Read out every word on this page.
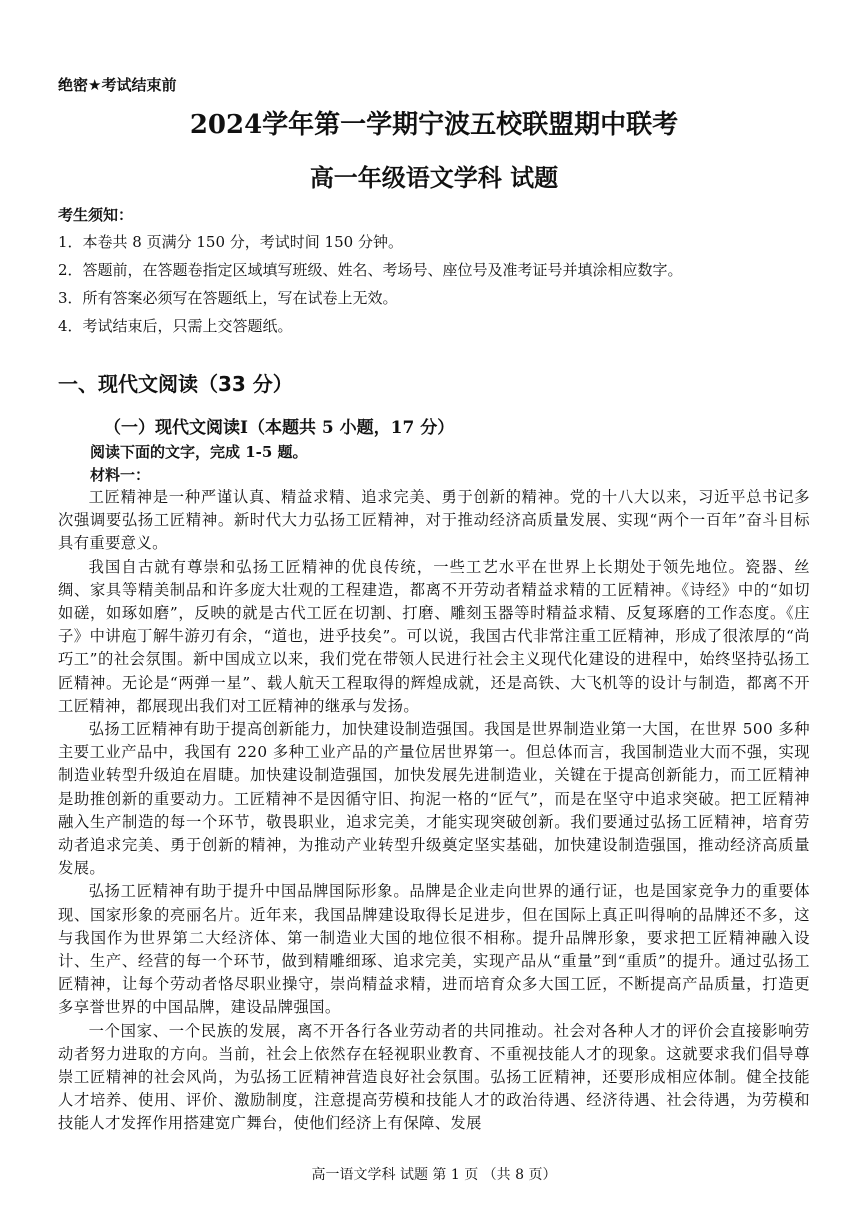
绝密★考试结束前
2024学年第一学期宁波五校联盟期中联考
高一年级语文学科 试题
考生须知：
1．本卷共 8 页满分 150 分，考试时间 150 分钟。
2．答题前，在答题卷指定区域填写班级、姓名、考场号、座位号及准考证号并填涂相应数字。
3．所有答案必须写在答题纸上，写在试卷上无效。
4．考试结束后，只需上交答题纸。
一、现代文阅读（33 分）
（一）现代文阅读Ⅰ（本题共 5 小题，17 分）
阅读下面的文字，完成 1-5 题。
材料一：

工匠精神是一种严谨认真、精益求精、追求完美、勇于创新的精神。党的十八大以来，习近平总书记多次强调要弘扬工匠精神。新时代大力弘扬工匠精神，对于推动经济高质量发展、实现“两个一百年”奋斗目标具有重要意义。

我国自古就有尊崇和弘扬工匠精神的优良传统，一些工艺水平在世界上长期处于领先地位。瓷器、丝绸、家具等精美制品和许多庞大壮观的工程建造，都离不开劳动者精益求精的工匠精神。《诗经》中的“如切如磋，如琢如磨”，反映的就是古代工匠在切割、打磨、雕刻玉器等时精益求精、反复琢磨的工作态度。《庄子》中讲庖丁解牛游刃有余，“道也，进乎技矣”。可以说，我国古代非常注重工匠精神，形成了很浓厚的“尚巧工”的社会氛围。新中国成立以来，我们党在带领人民进行社会主义现代化建设的进程中，始终坚持弘扬工匠精神。无论是“两弹一星”、载人航天工程取得的辉煌成就，还是高铁、大飞机等的设计与制造，都离不开工匠精神，都展现出我们对工匠精神的继承与发扬。

弘扬工匠精神有助于提高创新能力，加快建设制造强国。我国是世界制造业第一大国，在世界 500 多种主要工业产品中，我国有 220 多种工业产品的产量位居世界第一。但总体而言，我国制造业大而不强，实现制造业转型升级迫在眉睫。加快建设制造强国，加快发展先进制造业，关键在于提高创新能力，而工匠精神是助推创新的重要动力。工匠精神不是因循守旧、拘泥一格的“匠气”，而是在坚守中追求突破。把工匠精神融入生产制造的每一个环节，敬畏职业，追求完美，才能实现突破创新。我们要通过弘扬工匠精神，培育劳动者追求完美、勇于创新的精神，为推动产业转型升级奠定坚实基础，加快建设制造强国，推动经济高质量发展。

弘扬工匠精神有助于提升中国品牌国际形象。品牌是企业走向世界的通行证，也是国家竞争力的重要体现、国家形象的亮丽名片。近年来，我国品牌建设取得长足进步，但在国际上真正叫得响的品牌还不多，这与我国作为世界第二大经济体、第一制造业大国的地位很不相称。提升品牌形象，要求把工匠精神融入设计、生产、经营的每一个环节，做到精雕细琢、追求完美，实现产品从“重量”到“重质”的提升。通过弘扬工匠精神，让每个劳动者恪尽职业操守，崇尚精益求精，进而培育众多大国工匠，不断提高产品质量，打造更多享誉世界的中国品牌，建设品牌强国。

一个国家、一个民族的发展，离不开各行各业劳动者的共同推动。社会对各种人才的评价会直接影响劳动者努力进取的方向。当前，社会上依然存在轻视职业教育、不重视技能人才的现象。这就要求我们倡导尊崇工匠精神的社会风尚，为弘扬工匠精神营造良好社会氛围。弘扬工匠精神，还要形成相应体制。健全技能人才培养、使用、评价、激励制度，注意提高劳模和技能人才的政治待遇、经济待遇、社会待遇，为劳模和技能人才发挥作用搭建宽广舞台，使他们经济上有保障、发展

高一语文学科 试题 第 1 页 （共 8 页）
